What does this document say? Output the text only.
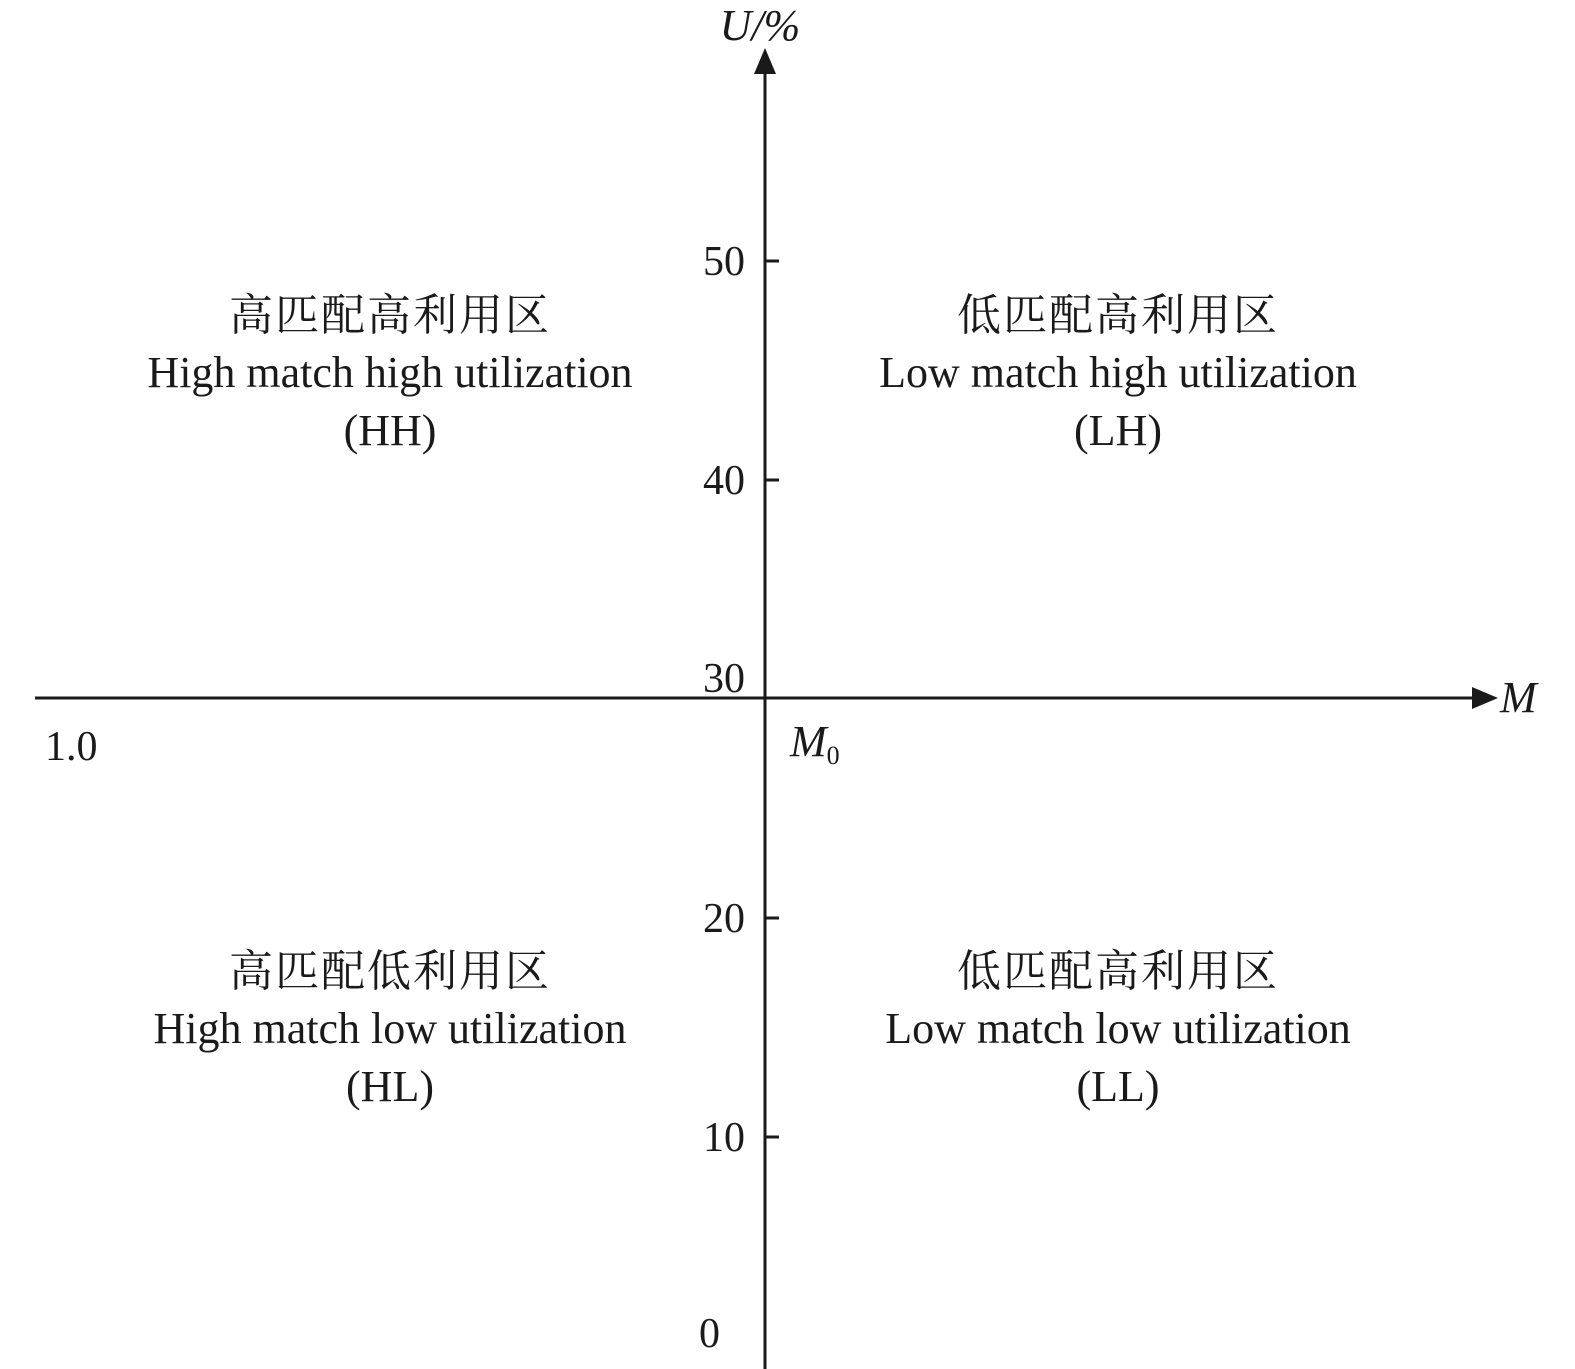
50
40
30
20
10
0
U/%
M
M0
1.0
高匹配高利用区
High match high utilization
(HH)
低匹配高利用区
Low match high utilization
(LH)
高匹配低利用区
High match low utilization
(HL)
低匹配高利用区
Low match low utilization
(LL)
